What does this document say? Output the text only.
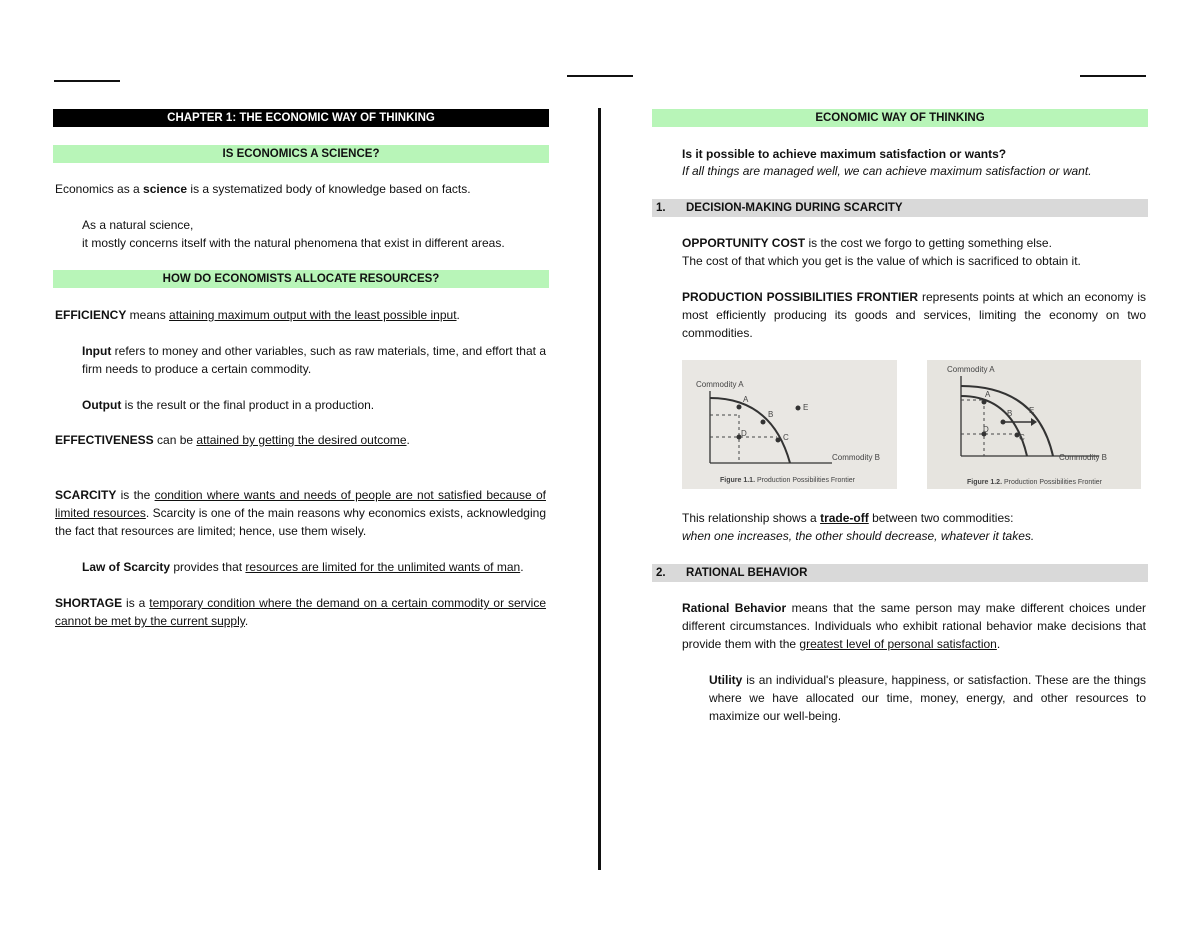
CHAPTER 1: THE ECONOMIC WAY OF THINKING
IS ECONOMICS A SCIENCE?
Economics as a science is a systematized body of knowledge based on facts.
As a natural science,
it mostly concerns itself with the natural phenomena that exist in different areas.
HOW DO ECONOMISTS ALLOCATE RESOURCES?
EFFICIENCY means attaining maximum output with the least possible input.
Input refers to money and other variables, such as raw materials, time, and effort that a firm needs to produce a certain commodity.
Output is the result or the final product in a production.
EFFECTIVENESS can be attained by getting the desired outcome.
SCARCITY is the condition where wants and needs of people are not satisfied because of limited resources. Scarcity is one of the main reasons why economics exists, acknowledging the fact that resources are limited; hence, use them wisely.
Law of Scarcity provides that resources are limited for the unlimited wants of man.
SHORTAGE is a temporary condition where the demand on a certain commodity or service cannot be met by the current supply.
ECONOMIC WAY OF THINKING
Is it possible to achieve maximum satisfaction or wants?
If all things are managed well, we can achieve maximum satisfaction or want.
1. DECISION-MAKING DURING SCARCITY
OPPORTUNITY COST is the cost we forgo to getting something else.
The cost of that which you get is the value of which is sacrificed to obtain it.
PRODUCTION POSSIBILITIES FRONTIER represents points at which an economy is most efficiently producing its goods and services, limiting the economy on two commodities.
Commodity A
A
B
C
D
E
Commodity B
Figure 1.1. Production Possibilities Frontier
Commodity A
A
B
C
D
E
Commodity B
Figure 1.2. Production Possibilities Frontier
This relationship shows a trade-off between two commodities:
when one increases, the other should decrease, whatever it takes.
2. RATIONAL BEHAVIOR
Rational Behavior means that the same person may make different choices under different circumstances. Individuals who exhibit rational behavior make decisions that provide them with the greatest level of personal satisfaction.
Utility is an individual's pleasure, happiness, or satisfaction. These are the things where we have allocated our time, money, energy, and other resources to maximize our well-being.
